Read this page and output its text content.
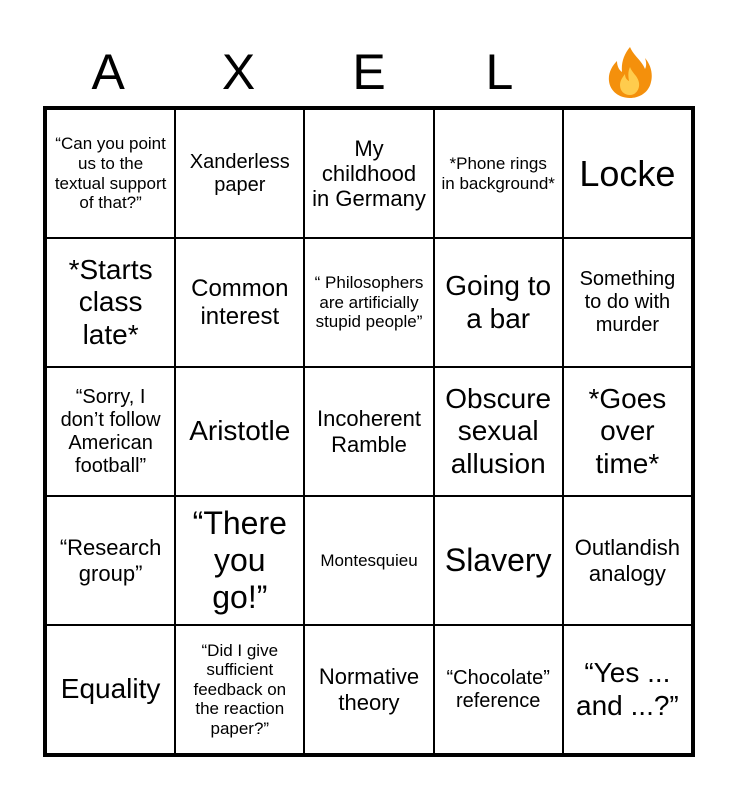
A	X	E	L
“Can you point us to the textual support of that?”
Xanderless paper
My childhood in Germany
*Phone rings in background* Locke
*Starts class late*
Common interest
“ Philosophers are artificially stupid people”
Going to a bar
Something to do with murder
“Sorry, I don’t follow American football”
Aristotle Incoherent Ramble
Obscure sexual allusion
*Goes over time*
“Research group”
“There you go!”
Montesquieu Slavery Outlandish analogy
Equality
“Did I give sufficient feedback on the reaction paper?”
Normative theory
“Chocolate” reference
“Yes ... and ...?”
